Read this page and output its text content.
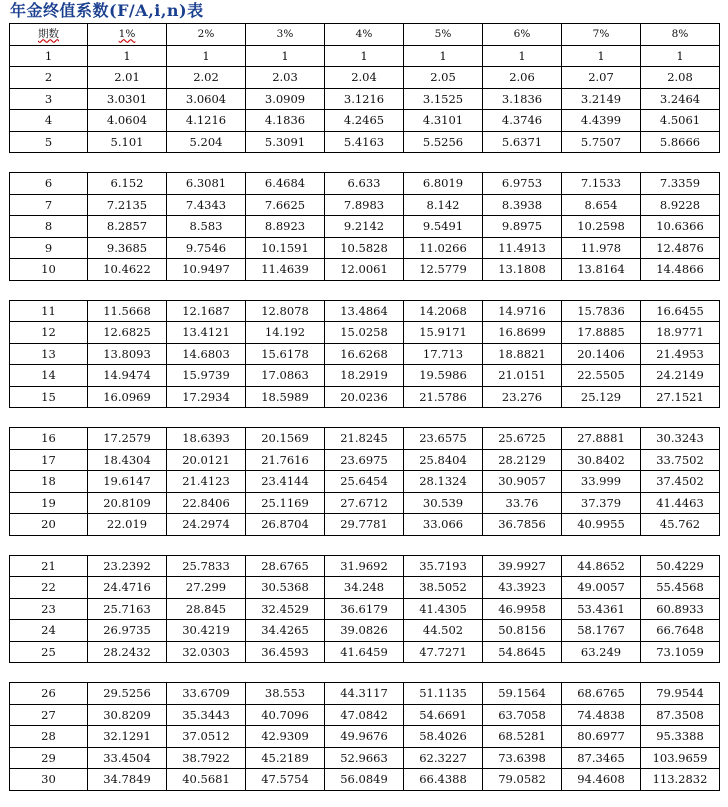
年金终值系数(F/A,i,n)表
期数	1%	2%	3%	4%	5%	6%	7%	8%
1	1	1	1	1	1	1	1	1
2	2.01	2.02	2.03	2.04	2.05	2.06	2.07	2.08
3	3.0301	3.0604	3.0909	3.1216	3.1525	3.1836	3.2149	3.2464
4	4.0604	4.1216	4.1836	4.2465	4.3101	4.3746	4.4399	4.5061
5	5.101	5.204	5.3091	5.4163	5.5256	5.6371	5.7507	5.8666

6	6.152	6.3081	6.4684	6.633	6.8019	6.9753	7.1533	7.3359
7	7.2135	7.4343	7.6625	7.8983	8.142	8.3938	8.654	8.9228
8	8.2857	8.583	8.8923	9.2142	9.5491	9.8975	10.2598	10.6366
9	9.3685	9.7546	10.1591	10.5828	11.0266	11.4913	11.978	12.4876
10	10.4622	10.9497	11.4639	12.0061	12.5779	13.1808	13.8164	14.4866

11	11.5668	12.1687	12.8078	13.4864	14.2068	14.9716	15.7836	16.6455
12	12.6825	13.4121	14.192	15.0258	15.9171	16.8699	17.8885	18.9771
13	13.8093	14.6803	15.6178	16.6268	17.713	18.8821	20.1406	21.4953
14	14.9474	15.9739	17.0863	18.2919	19.5986	21.0151	22.5505	24.2149
15	16.0969	17.2934	18.5989	20.0236	21.5786	23.276	25.129	27.1521

16	17.2579	18.6393	20.1569	21.8245	23.6575	25.6725	27.8881	30.3243
17	18.4304	20.0121	21.7616	23.6975	25.8404	28.2129	30.8402	33.7502
18	19.6147	21.4123	23.4144	25.6454	28.1324	30.9057	33.999	37.4502
19	20.8109	22.8406	25.1169	27.6712	30.539	33.76	37.379	41.4463
20	22.019	24.2974	26.8704	29.7781	33.066	36.7856	40.9955	45.762

21	23.2392	25.7833	28.6765	31.9692	35.7193	39.9927	44.8652	50.4229
22	24.4716	27.299	30.5368	34.248	38.5052	43.3923	49.0057	55.4568
23	25.7163	28.845	32.4529	36.6179	41.4305	46.9958	53.4361	60.8933
24	26.9735	30.4219	34.4265	39.0826	44.502	50.8156	58.1767	66.7648
25	28.2432	32.0303	36.4593	41.6459	47.7271	54.8645	63.249	73.1059

26	29.5256	33.6709	38.553	44.3117	51.1135	59.1564	68.6765	79.9544
27	30.8209	35.3443	40.7096	47.0842	54.6691	63.7058	74.4838	87.3508
28	32.1291	37.0512	42.9309	49.9676	58.4026	68.5281	80.6977	95.3388
29	33.4504	38.7922	45.2189	52.9663	62.3227	73.6398	87.3465	103.9659
30	34.7849	40.5681	47.5754	56.0849	66.4388	79.0582	94.4608	113.2832
